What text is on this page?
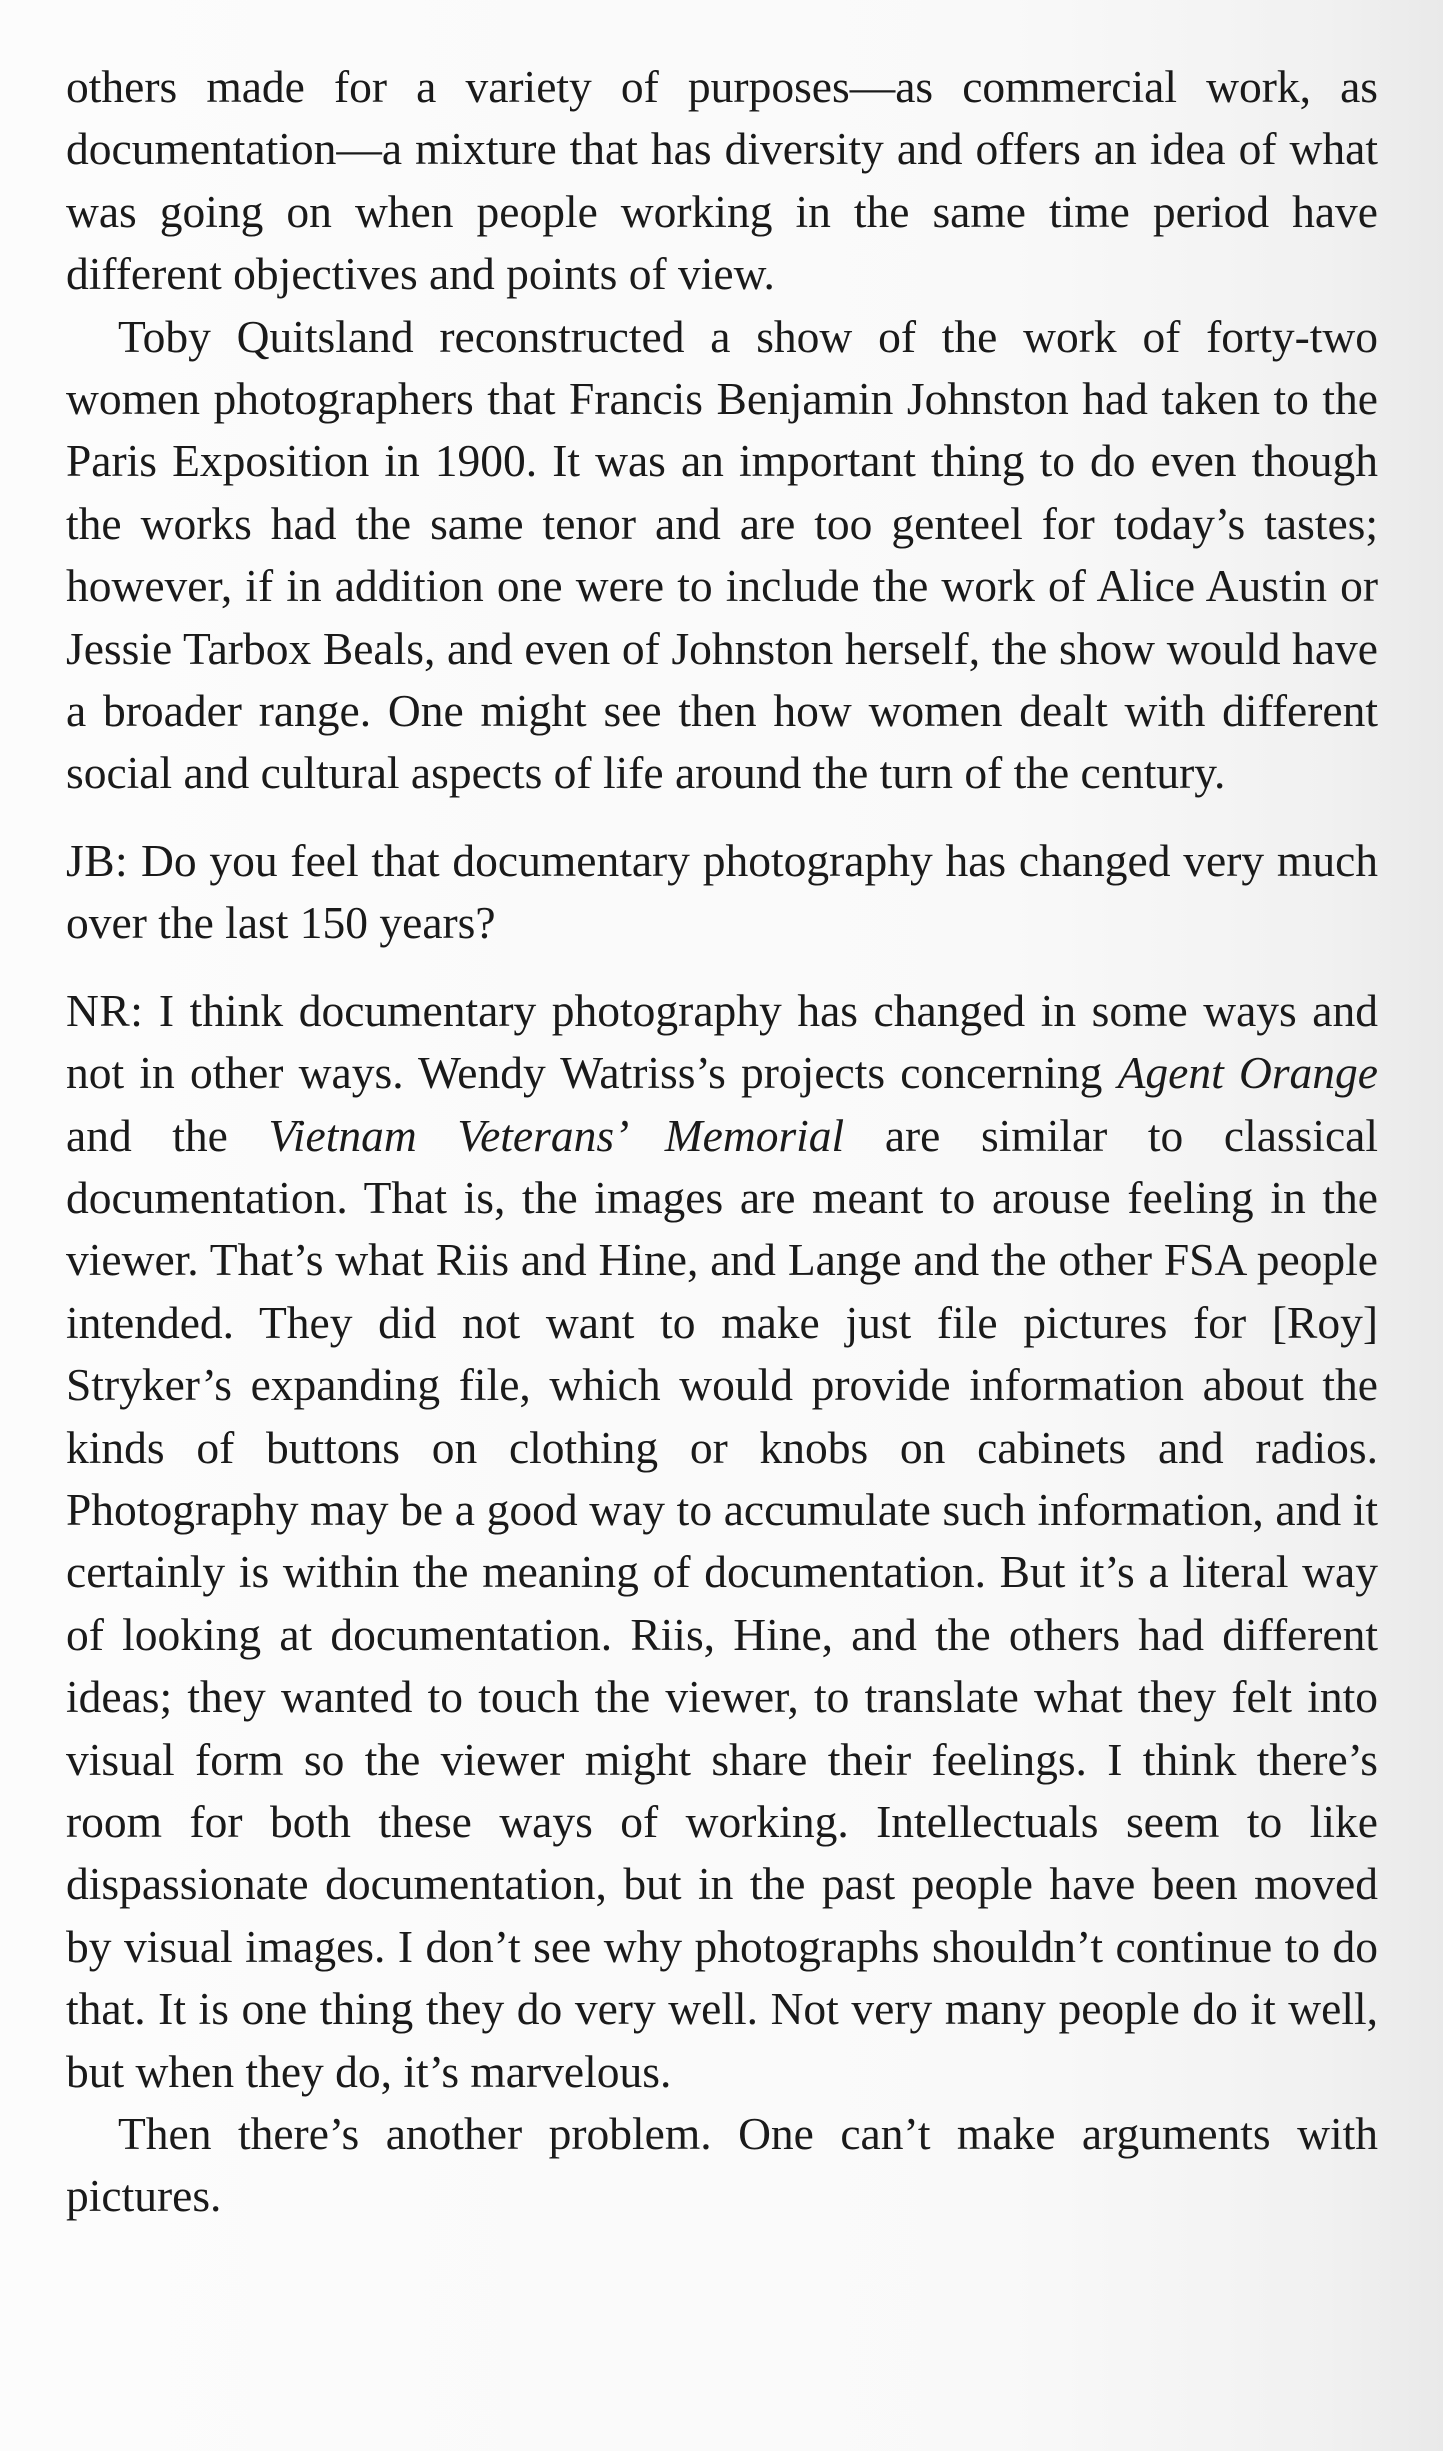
others made for a variety of purposes—as commercial work, as documentation—a mixture that has diversity and offers an idea of what was going on when people working in the same time period have different objectives and points of view.

Toby Quitsland reconstructed a show of the work of forty-two women photographers that Francis Benjamin Johnston had taken to the Paris Exposition in 1900. It was an important thing to do even though the works had the same tenor and are too genteel for today’s tastes; however, if in addition one were to include the work of Alice Austin or Jessie Tarbox Beals, and even of Johnston herself, the show would have a broader range. One might see then how women dealt with different social and cultural aspects of life around the turn of the century.

JB: Do you feel that documentary photography has changed very much over the last 150 years?

NR: I think documentary photography has changed in some ways and not in other ways. Wendy Watriss’s projects concerning Agent Orange and the Vietnam Veterans’ Memorial are similar to classical documentation. That is, the images are meant to arouse feeling in the viewer. That’s what Riis and Hine, and Lange and the other FSA people intended. They did not want to make just file pictures for [Roy] Stryker’s expanding file, which would provide information about the kinds of buttons on clothing or knobs on cabinets and radios. Photography may be a good way to accumulate such information, and it certainly is within the meaning of documentation. But it’s a literal way of looking at documentation. Riis, Hine, and the others had different ideas; they wanted to touch the viewer, to translate what they felt into visual form so the viewer might share their feelings. I think there’s room for both these ways of working. Intellectuals seem to like dispassionate documentation, but in the past people have been moved by visual images. I don’t see why photographs shouldn’t continue to do that. It is one thing they do very well. Not very many people do it well, but when they do, it’s marvelous.

Then there’s another problem. One can’t make arguments with pictures.
